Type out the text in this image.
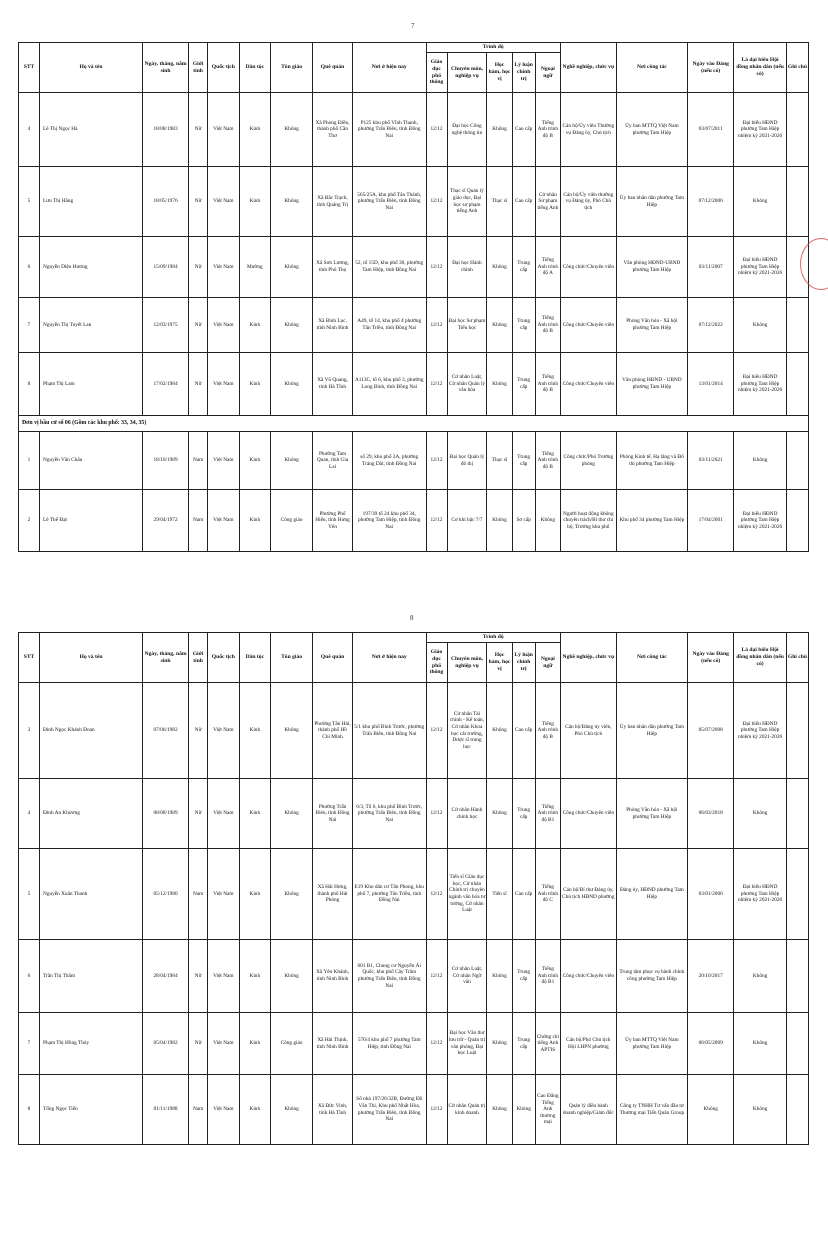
7
STT	Họ và tên	Ngày, tháng, năm sinh	Giới tính	Quốc tịch	Dân tộc	Tôn giáo	Quê quán	Nơi ở hiện nay	Trình độ					Nghề nghiệp, chức vụ	Nơi công tác	Ngày vào Đảng (nếu có)	Là đại biểu Hội đồng nhân dân (nếu có)	Ghi chú
									Giáo dục phổ thông	Chuyên môn, nghiệp vụ	Học hàm, học vị	Lý luận chính trị	Ngoại ngữ					
4	Lê Thị Ngọc Hà	18/08/1983	Nữ	Việt Nam	Kinh	Không	Xã Phong Điền, thành phố Cần Thơ	P125 khu phố Vĩnh Thạnh, phường Trấn Biên, tỉnh Đồng Nai	12/12	Đại học Công nghệ thông tin	Không	Cao cấp	Tiếng Anh trình độ B	Cán bộ/Ủy viên Thường vụ Đảng ủy, Chủ tịch	Ủy ban MTTQ Việt Nam phường Tam Hiệp	03/07/2011	Đại biểu HĐND phường Tam Hiệp nhiệm kỳ 2021-2026	
5	Lưu Thị Hằng	18/05/1976	Nữ	Việt Nam	Kinh	Không	Xã Bắc Trạch, tỉnh Quảng Trị	565/25A, khu phố Tân Thành, phường Trấn Biên, tỉnh Đồng Nai	12/12	Thạc sĩ Quản lý giáo dục, Đại học sư phạm tiếng Anh	Thạc sĩ	Cao cấp	Cử nhân Sư phạm tiếng Anh	Cán bộ/Ủy viên thường vụ Đảng ủy, Phó Chủ tịch	Ủy ban nhân dân phường Tam Hiệp	07/12/2006	Không	
6	Nguyễn Diệu Hương	15/09/1984	Nữ	Việt Nam	Mường	Không	Xã Sơn Lương, tỉnh Phú Thọ	52, tổ 15D, khu phố 30, phường Tam Hiệp, tỉnh Đồng Nai	12/12	Đại học Hành chính	Không	Trung cấp	Tiếng Anh trình độ A	Công chức/Chuyên viên	Văn phòng HĐND-UBND phường Tam Hiệp	03/11/2007	Đại biểu HĐND phường Tam Hiệp nhiệm kỳ 2021-2026	
7	Nguyễn Thị Tuyết Lan	12/03/1975	Nữ	Việt Nam	Kinh	Không	Xã Bình Lục, tỉnh Ninh Bình	A49, tổ 14, khu phố 4 phường Tân Triều, tỉnh Đồng Nai	12/12	Đại học Sư phạm Tiểu học	Không	Trung cấp	Tiếng Anh trình độ B	Công chức/Chuyên viên	Phòng Văn hóa - Xã hội phường Tam Hiệp	07/12/2022	Không	
8	Phạm Thị Lam	17/02/1984	Nữ	Việt Nam	Kinh	Không	Xã Vũ Quang, tỉnh Hà Tĩnh	A113C, tổ 6, khu phố 3, phường Long Bình, tỉnh Đồng Nai	12/12	Cử nhân Luật, Cử nhân Quản lý văn hóa	Không	Trung cấp	Tiếng Anh trình độ B	Công chức/Chuyên viên	Văn phòng HĐND - UBND phường Tam Hiệp	13/01/2014	Đại biểu HĐND phường Tam Hiệp nhiệm kỳ 2021-2026	
Đơn vị bầu cử số 06 (Gồm các khu phố: 33, 34, 35)																		
1	Nguyễn Văn Châu	18/10/1989	Nam	Việt Nam	Kinh	Không	Phường Tam Quan, tỉnh Gia Lai	số 29, khu phố 3A, phường Trảng Dài, tỉnh Đồng Nai	12/12	Đại học Quản lý đô thị	Thạc sĩ	Trung cấp	Tiếng Anh trình độ B	Công chức/Phó Trưởng phòng	Phòng Kinh tế, Hạ tầng và Đô thị phường Tam Hiệp	03/11/2021	Không	
2	Lê Thế Đạt	29/04/1972	Nam	Việt Nam	Kinh	Công giáo	Phường Phố Hiến, tỉnh Hưng Yên	197/39 tổ 24 khu phố 34, phường Tam Hiệp, tỉnh Đồng Nai	12/12	Cơ khí bậc 7/7	Không	Sơ cấp	Không	Người hoạt động không chuyên trách/Bí thư chi bộ, Trưởng khu phố	Khu phố 34 phường Tam Hiệp	17/04/2001	Đại biểu HĐND phường Tam Hiệp nhiệm kỳ 2021-2026	
8
STT	Họ và tên	Ngày, tháng, năm sinh	Giới tính	Quốc tịch	Dân tộc	Tôn giáo	Quê quán	Nơi ở hiện nay	Trình độ					Nghề nghiệp, chức vụ	Nơi công tác	Ngày vào Đảng (nếu có)	Là đại biểu Hội đồng nhân dân (nếu có)	Ghi chú
									Giáo dục phổ thông	Chuyên môn, nghiệp vụ	Học hàm, học vị	Lý luận chính trị	Ngoại ngữ					
3	Đinh Ngọc Khánh Đoan	07/06/1982	Nữ	Việt Nam	Kinh	Không	Phường Tân Hải, thành phố Hồ Chí Minh	5/1 khu phố Bình Trước, phường Trấn Biên, tỉnh Đồng Nai	12/12	Cử nhân Tài chính - Kế toán, Cử nhân Khoa học cải trường, Dược sĩ trung học	Không	Cao cấp	Tiếng Anh trình độ B	Cán bộ/Đảng ủy viên, Phó Chủ tịch	Ủy ban nhân dân phường Tam Hiệp	05/07/2008	Đại biểu HĐND phường Tam Hiệp nhiệm kỳ 2021-2026	
4	Đinh An Khương	08/08/1989	Nữ	Việt Nam	Kinh	Không	Phường Trấn Biên, tỉnh Đồng Nai	6/3, Tổ 6, khu phố Bình Trước, phường Trấn Biên, tỉnh Đồng Nai	12/12	Cử nhân Hành chính học	Không	Trung cấp	Tiếng Anh trình độ B1	Công chức/Chuyên viên	Phòng Văn hóa - Xã hội phường Tam Hiệp	06/03/2018	Không	
5	Nguyễn Xuân Thanh	05/12/1980	Nam	Việt Nam	Kinh	Không	Xã Hải Hưng, thành phố Hải Phòng	E19 Khu dân cư Tân Phong, khu phố 7, phường Tân Triều, tỉnh Đồng Nai	12/12	Tiến sĩ Giáo dục học, Cử nhân Chính trị chuyên ngành văn hóa tư tưởng, Cử nhân Luật	Tiến sĩ	Cao cấp	Tiếng Anh trình độ C	Cán bộ/Bí thư Đảng ủy, Chủ tịch HĐND phường	Đảng ủy, HĐND phường Tam Hiệp	03/01/2006	Đại biểu HĐND phường Tam Hiệp nhiệm kỳ 2021-2026	
6	Trần Thị Thắm	28/04/1984	Nữ	Việt Nam	Kinh	Không	Xã Yên Khánh, tỉnh Ninh Bình	601 B1, Chung cư Nguyễn Ái Quốc, khu phố Cây Trâm phường Trấn Biên, tỉnh Đồng Nai	12/12	Cử nhân Luật, Cử nhân Ngữ văn	Không	Trung cấp	Tiếng Anh trình độ B1	Công chức/Chuyên viên	Trung tâm phục vụ hành chính công phường Tam Hiệp	20/10/2017	Không	
7	Phạm Thị Hồng Thủy	05/04/1982	Nữ	Việt Nam	Kinh	Công giáo	Xã Hải Thịnh, tỉnh Ninh Bình	570/4 khu phố 7 phường Tam Hiệp, tỉnh Đồng Nai	12/12	Đại học Văn thư lưu trữ - Quản trị văn phòng, Đại học Luật	Không	Trung cấp	Chứng chỉ tiếng Anh APTIS	Cán bộ/Phó Chủ tịch Hội LHPN phường	Ủy ban MTTQ Việt Nam phường Tam Hiệp	06/05/2009	Không	
8	Tống Ngọc Tiến	01/11/1988	Nam	Việt Nam	Kinh	Không	Xã Đức Vinh, tỉnh Hà Tĩnh	Số nhà 197/26/32B, Đường Đồ Văn Thi, Khu phố Nhất Hòa, phường Trấn Biên, tỉnh Đồng Nai	12/12	Cử nhân Quản trị kinh doanh	Không	Không	Cao Đẳng Tiếng Anh thương mại	Quản lý điều hành doanh nghiệp/Giám đốc	Công ty TNHH Tư vấn đầu tư Thương mại Tiến Quân Group	Không	Không	
